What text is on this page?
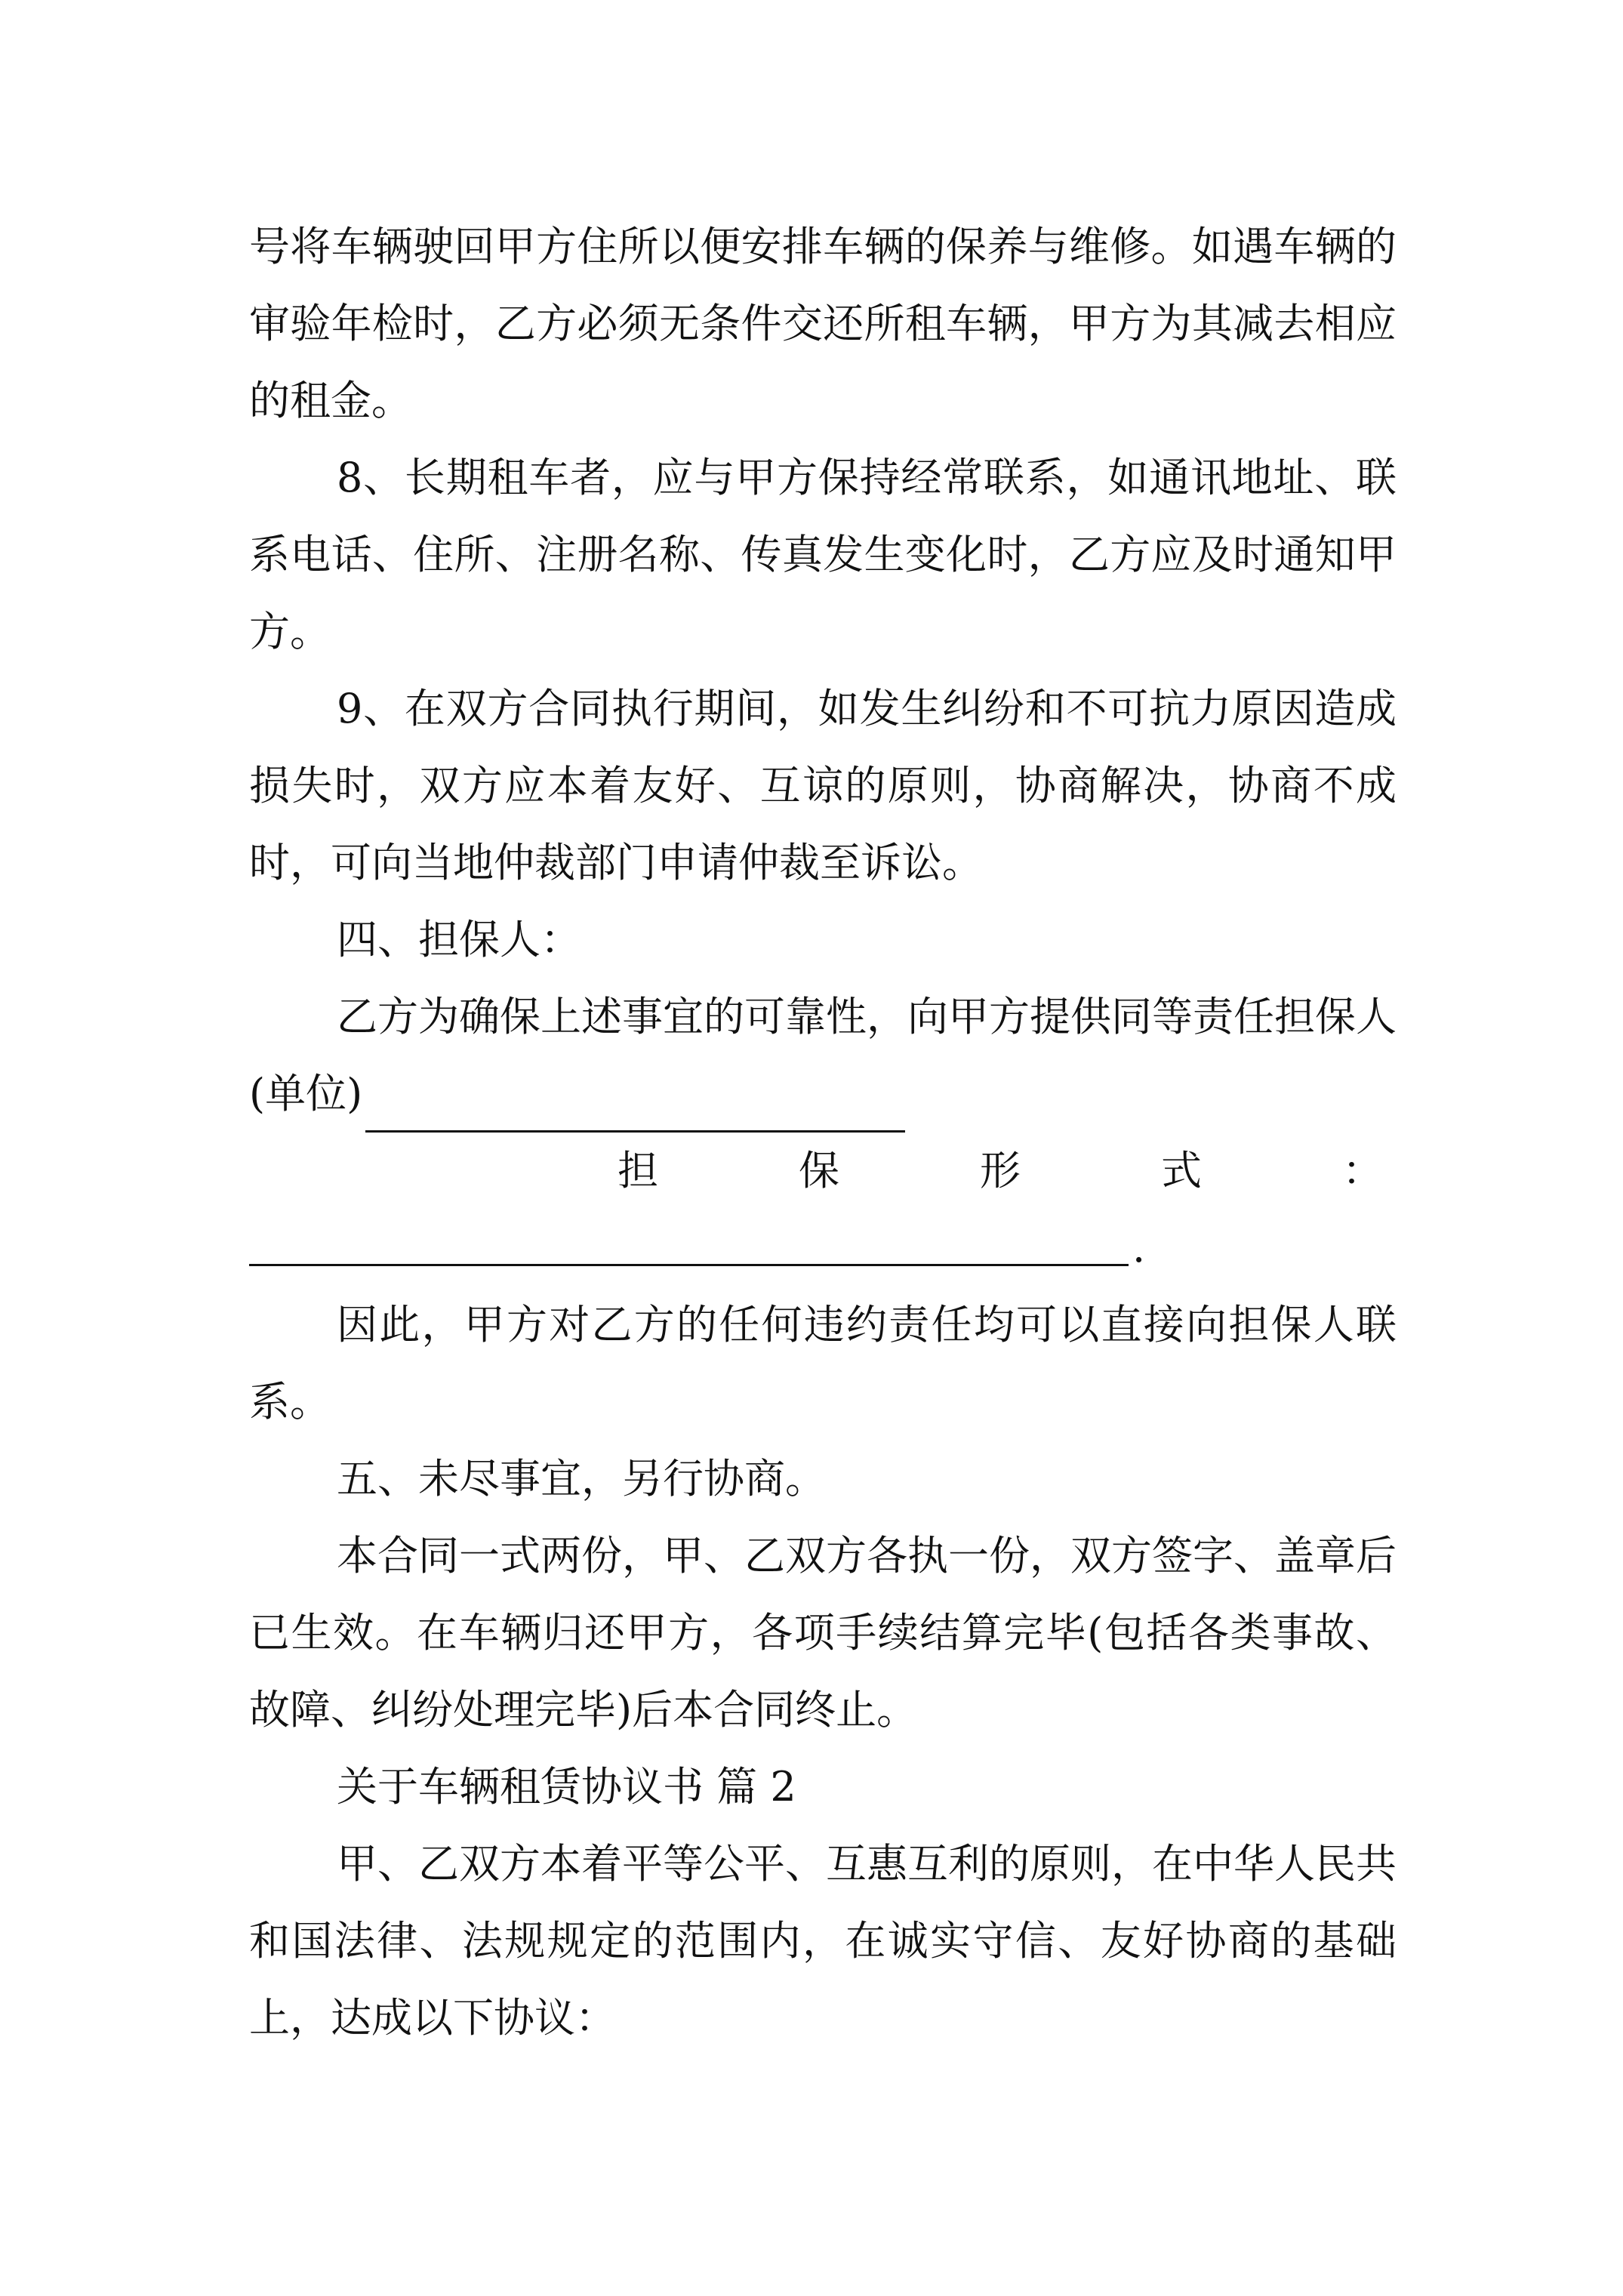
号将车辆驶回甲方住所以便安排车辆的保养与维修。如遇车辆的审验年检时，乙方必须无条件交还所租车辆，甲方为其减去相应的租金。

8、长期租车者，应与甲方保持经常联系，如通讯地址、联系电话、住所、注册名称、传真发生变化时，乙方应及时通知甲方。

9、在双方合同执行期间，如发生纠纷和不可抗力原因造成损失时，双方应本着友好、互谅的原则，协商解决，协商不成时，可向当地仲裁部门申请仲裁至诉讼。

四、担保人：

乙方为确保上述事宜的可靠性，向甲方提供同等责任担保人(单位)

担	保	形	式	：
.

因此，甲方对乙方的任何违约责任均可以直接向担保人联系。

五、未尽事宜，另行协商。

本合同一式两份，甲、乙双方各执一份，双方签字、盖章后已生效。在车辆归还甲方，各项手续结算完毕(包括各类事故、故障、纠纷处理完毕)后本合同终止。

关于车辆租赁协议书 篇 2

甲、乙双方本着平等公平、互惠互利的原则，在中华人民共和国法律、法规规定的范围内，在诚实守信、友好协商的基础上，达成以下协议：
